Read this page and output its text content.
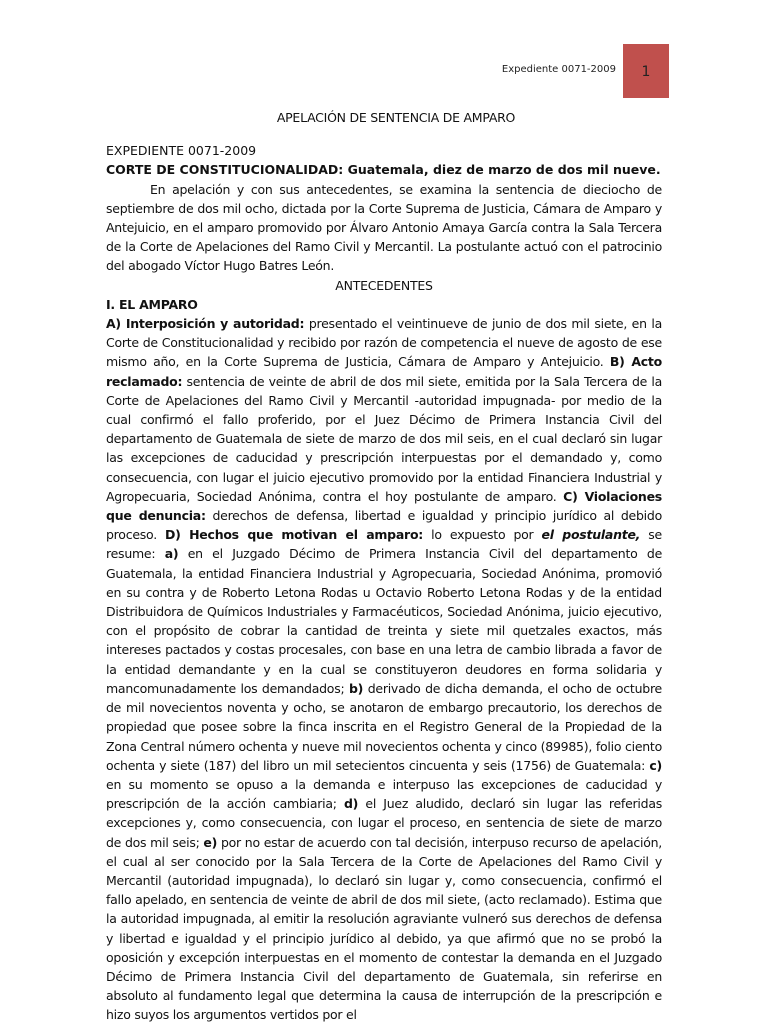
Expediente 0071-2009 1
APELACIÓN DE SENTENCIA DE AMPARO

EXPEDIENTE 0071-2009

CORTE DE CONSTITUCIONALIDAD: Guatemala, diez de marzo de dos mil nueve.

En apelación y con sus antecedentes, se examina la sentencia de dieciocho de septiembre de dos mil ocho, dictada por la Corte Suprema de Justicia, Cámara de Amparo y Antejuicio, en el amparo promovido por Álvaro Antonio Amaya García contra la Sala Tercera de la Corte de Apelaciones del Ramo Civil y Mercantil. La postulante actuó con el patrocinio del abogado Víctor Hugo Batres León.

ANTECEDENTES

I. EL AMPARO

A) Interposición y autoridad: presentado el veintinueve de junio de dos mil siete, en la Corte de Constitucionalidad y recibido por razón de competencia el nueve de agosto de ese mismo año, en la Corte Suprema de Justicia, Cámara de Amparo y Antejuicio. B) Acto reclamado: sentencia de veinte de abril de dos mil siete, emitida por la Sala Tercera de la Corte de Apelaciones del Ramo Civil y Mercantil -autoridad impugnada- por medio de la cual confirmó el fallo proferido, por el Juez Décimo de Primera Instancia Civil del departamento de Guatemala de siete de marzo de dos mil seis, en el cual declaró sin lugar las excepciones de caducidad y prescripción interpuestas por el demandado y, como consecuencia, con lugar el juicio ejecutivo promovido por la entidad Financiera Industrial y Agropecuaria, Sociedad Anónima, contra el hoy postulante de amparo. C) Violaciones que denuncia: derechos de defensa, libertad e igualdad y principio jurídico al debido proceso. D) Hechos que motivan el amparo: lo expuesto por el postulante, se resume: a) en el Juzgado Décimo de Primera Instancia Civil del departamento de Guatemala, la entidad Financiera Industrial y Agropecuaria, Sociedad Anónima, promovió en su contra y de Roberto Letona Rodas u Octavio Roberto Letona Rodas y de la entidad Distribuidora de Químicos Industriales y Farmacéuticos, Sociedad Anónima, juicio ejecutivo, con el propósito de cobrar la cantidad de treinta y siete mil quetzales exactos, más intereses pactados y costas procesales, con base en una letra de cambio librada a favor de la entidad demandante y en la cual se constituyeron deudores en forma solidaria y mancomunadamente los demandados; b) derivado de dicha demanda, el ocho de octubre de mil novecientos noventa y ocho, se anotaron de embargo precautorio, los derechos de propiedad que posee sobre la finca inscrita en el Registro General de la Propiedad de la Zona Central número ochenta y nueve mil novecientos ochenta y cinco (89985), folio ciento ochenta y siete (187) del libro un mil setecientos cincuenta y seis (1756) de Guatemala: c) en su momento se opuso a la demanda e interpuso las excepciones de caducidad y prescripción de la acción cambiaria; d) el Juez aludido, declaró sin lugar las referidas excepciones y, como consecuencia, con lugar el proceso, en sentencia de siete de marzo de dos mil seis; e) por no estar de acuerdo con tal decisión, interpuso recurso de apelación, el cual al ser conocido por la Sala Tercera de la Corte de Apelaciones del Ramo Civil y Mercantil (autoridad impugnada), lo declaró sin lugar y, como consecuencia, confirmó el fallo apelado, en sentencia de veinte de abril de dos mil siete, (acto reclamado). Estima que la autoridad impugnada, al emitir la resolución agraviante vulneró sus derechos de defensa y libertad e igualdad y el principio jurídico al debido, ya que afirmó que no se probó la oposición y excepción interpuestas en el momento de contestar la demanda en el Juzgado Décimo de Primera Instancia Civil del departamento de Guatemala, sin referirse en absoluto al fundamento legal que determina la causa de interrupción de la prescripción e hizo suyos los argumentos vertidos por el
